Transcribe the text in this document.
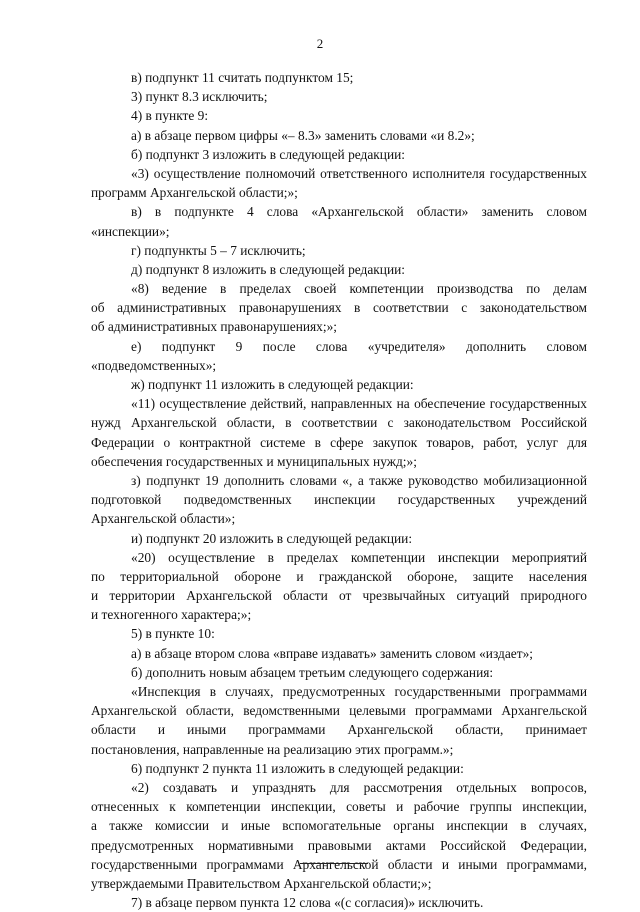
2
в) подпункт 11 считать подпунктом 15;
3) пункт 8.3 исключить;
4) в пункте 9:
а) в абзаце первом цифры «– 8.3» заменить словами «и 8.2»;
б) подпункт 3 изложить в следующей редакции:
«3) осуществление полномочий ответственного исполнителя государственных
программ Архангельской области;»;
в) в подпункте 4 слова «Архангельской области» заменить словом
«инспекции»;
г) подпункты 5 – 7 исключить;
д) подпункт 8 изложить в следующей редакции:
«8) ведение в пределах своей компетенции производства по делам
об административных правонарушениях в соответствии с законодательством
об административных правонарушениях;»;
е) подпункт 9 после слова «учредителя» дополнить словом
«подведомственных»;
ж) подпункт 11 изложить в следующей редакции:
«11) осуществление действий, направленных на обеспечение государственных
нужд Архангельской области, в соответствии с законодательством Российской
Федерации о контрактной системе в сфере закупок товаров, работ, услуг для
обеспечения государственных и муниципальных нужд;»;
з) подпункт 19 дополнить словами «, а также руководство мобилизационной
подготовкой подведомственных инспекции государственных учреждений
Архангельской области»;
и) подпункт 20 изложить в следующей редакции:
«20) осуществление в пределах компетенции инспекции мероприятий
по территориальной обороне и гражданской обороне, защите населения
и территории Архангельской области от чрезвычайных ситуаций природного
и техногенного характера;»;
5) в пункте 10:
а) в абзаце втором слова «вправе издавать» заменить словом «издает»;
б) дополнить новым абзацем третьим следующего содержания:
«Инспекция в случаях, предусмотренных государственными программами
Архангельской области, ведомственными целевыми программами Архангельской
области и иными программами Архангельской области, принимает
постановления, направленные на реализацию этих программ.»;
6) подпункт 2 пункта 11 изложить в следующей редакции:
«2) создавать и упразднять для рассмотрения отдельных вопросов,
отнесенных к компетенции инспекции, советы и рабочие группы инспекции,
а также комиссии и иные вспомогательные органы инспекции в случаях,
предусмотренных нормативными правовыми актами Российской Федерации,
государственными программами Архангельской области и иными программами,
утверждаемыми Правительством Архангельской области;»;
7) в абзаце первом пункта 12 слова «(с согласия)» исключить.
